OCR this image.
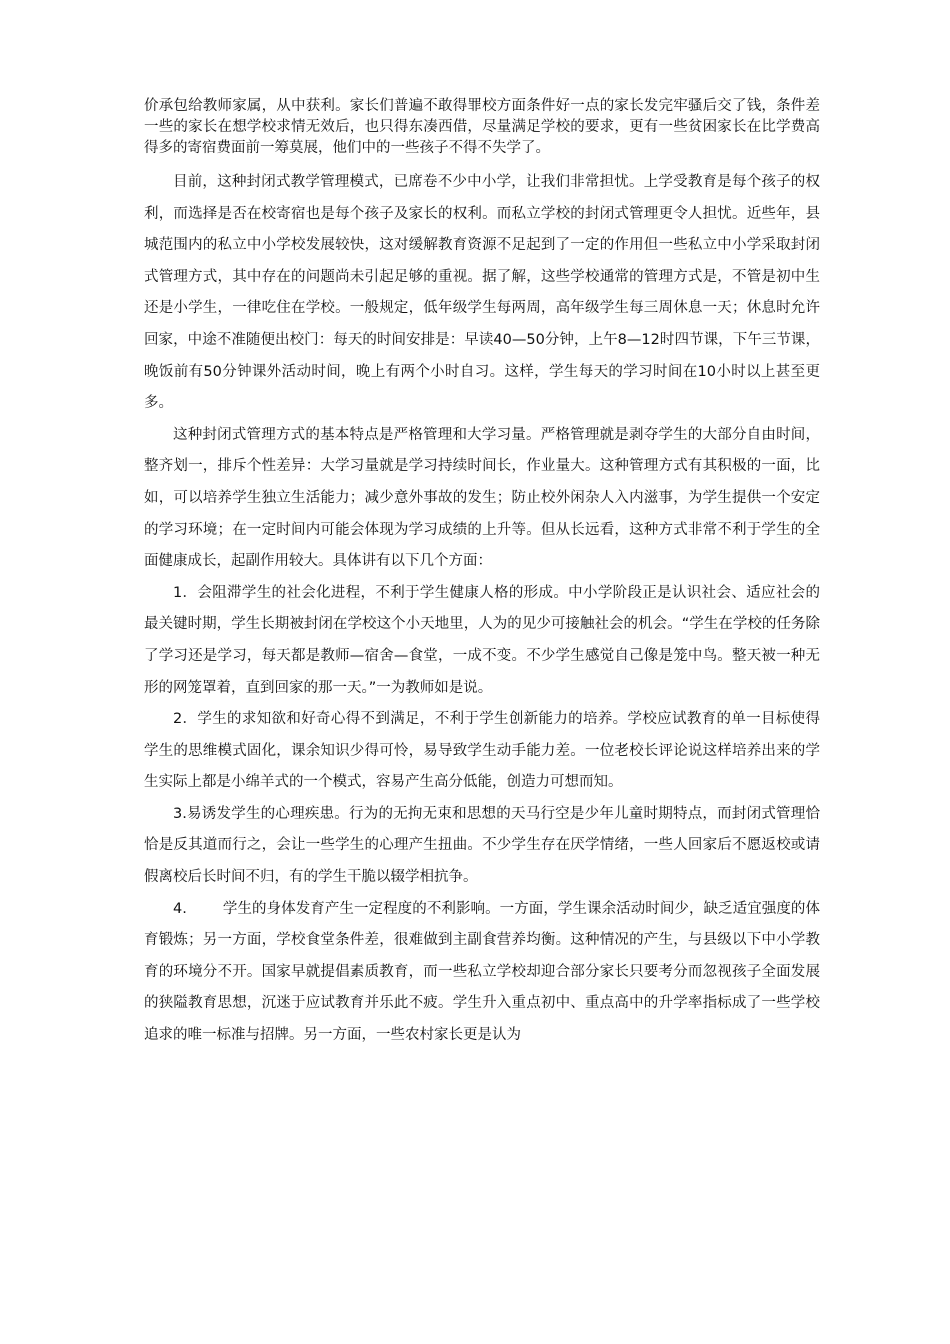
价承包给教师家属，从中获利。家长们普遍不敢得罪校方面条件好一点的家长发完牢骚后交了钱，条件差一些的家长在想学校求情无效后，也只得东凑西借，尽量满足学校的要求，更有一些贫困家长在比学费高得多的寄宿费面前一筹莫展，他们中的一些孩子不得不失学了。

目前，这种封闭式教学管理模式，已席卷不少中小学，让我们非常担忧。上学受教育是每个孩子的权利，而选择是否在校寄宿也是每个孩子及家长的权利。而私立学校的封闭式管理更令人担忧。近些年，县城范围内的私立中小学校发展较快，这对缓解教育资源不足起到了一定的作用但一些私立中小学采取封闭式管理方式，其中存在的问题尚未引起足够的重视。据了解，这些学校通常的管理方式是，不管是初中生还是小学生，一律吃住在学校。一般规定，低年级学生每两周，高年级学生每三周休息一天；休息时允许回家，中途不准随便出校门：每天的时间安排是：早读40—50分钟，上午8—12时四节课，下午三节课，晚饭前有50分钟课外活动时间，晚上有两个小时自习。这样，学生每天的学习时间在10小时以上甚至更多。

这种封闭式管理方式的基本特点是严格管理和大学习量。严格管理就是剥夺学生的大部分自由时间，整齐划一，排斥个性差异：大学习量就是学习持续时间长，作业量大。这种管理方式有其积极的一面，比如，可以培养学生独立生活能力；减少意外事故的发生；防止校外闲杂人入内滋事，为学生提供一个安定的学习环境；在一定时间内可能会体现为学习成绩的上升等。但从长远看，这种方式非常不利于学生的全面健康成长，起副作用较大。具体讲有以下几个方面：

1．会阻滞学生的社会化进程，不利于学生健康人格的形成。中小学阶段正是认识社会、适应社会的最关键时期，学生长期被封闭在学校这个小天地里，人为的见少可接触社会的机会。“学生在学校的任务除了学习还是学习，每天都是教师—宿舍—食堂，一成不变。不少学生感觉自己像是笼中鸟。整天被一种无形的网笼罩着，直到回家的那一天。”一为教师如是说。

2．学生的求知欲和好奇心得不到满足，不利于学生创新能力的培养。学校应试教育的单一目标使得学生的思维模式固化，课余知识少得可怜，易导致学生动手能力差。一位老校长评论说这样培养出来的学生实际上都是小绵羊式的一个模式，容易产生高分低能，创造力可想而知。

3.易诱发学生的心理疾患。行为的无拘无束和思想的天马行空是少年儿童时期特点，而封闭式管理恰恰是反其道而行之，会让一些学生的心理产生扭曲。不少学生存在厌学情绪，一些人回家后不愿返校或请假离校后长时间不归，有的学生干脆以辍学相抗争。

4. 学生的身体发育产生一定程度的不利影响。一方面，学生课余活动时间少，缺乏适宜强度的体育锻炼；另一方面，学校食堂条件差，很难做到主副食营养均衡。这种情况的产生，与县级以下中小学教育的环境分不开。国家早就提倡素质教育，而一些私立学校却迎合部分家长只要考分而忽视孩子全面发展的狭隘教育思想，沉迷于应试教育并乐此不疲。学生升入重点初中、重点高中的升学率指标成了一些学校追求的唯一标准与招牌。另一方面，一些农村家长更是认为
